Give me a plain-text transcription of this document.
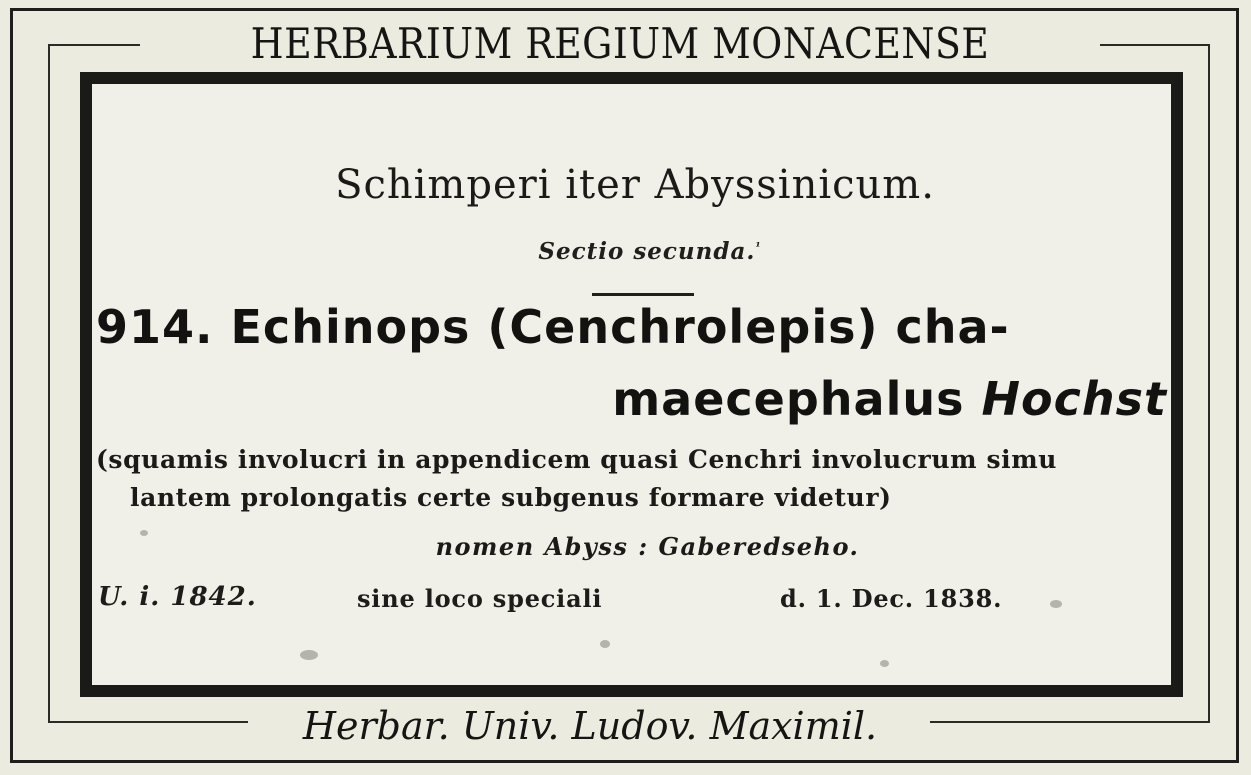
HERBARIUM REGIUM MONACENSE
Schimperi iter Abyssinicum.
Sectio secunda.$^{^1}$
914. Echinops (Cenchrolepis) cha-
maecephalus Hochst
(squamis involucri in appendicem quasi Cenchri involucrum simu
lantem prolongatis certe subgenus formare videtur)
nomen Abyss : Gaberedseho.
U. i. 1842.	sine loco speciali	d. 1. Dec. 1838.
Herbar. Univ. Ludov. Maximil.
